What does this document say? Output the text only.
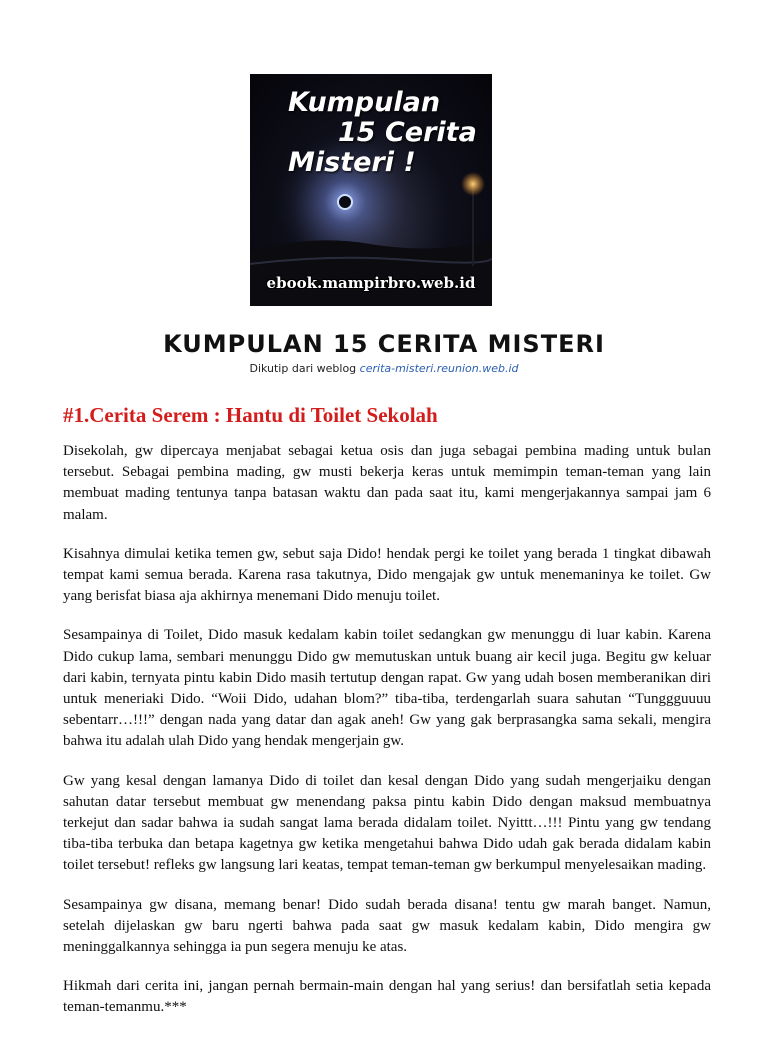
Kumpulan
15 Cerita
Misteri !
ebook.mampirbro.web.id
KUMPULAN 15 CERITA MISTERI
Dikutip dari weblog cerita-misteri.reunion.web.id
#1.Cerita Serem : Hantu di Toilet Sekolah

Disekolah, gw dipercaya menjabat sebagai ketua osis dan juga sebagai pembina mading untuk bulan tersebut. Sebagai pembina mading, gw musti bekerja keras untuk memimpin teman-teman yang lain membuat mading tentunya tanpa batasan waktu dan pada saat itu, kami mengerjakannya sampai jam 6 malam.

Kisahnya dimulai ketika temen gw, sebut saja Dido! hendak pergi ke toilet yang berada 1 tingkat dibawah tempat kami semua berada. Karena rasa takutnya, Dido mengajak gw untuk menemaninya ke toilet. Gw yang berisfat biasa aja akhirnya menemani Dido menuju toilet.

Sesampainya di Toilet, Dido masuk kedalam kabin toilet sedangkan gw menunggu di luar kabin. Karena Dido cukup lama, sembari menunggu Dido gw memutuskan untuk buang air kecil juga. Begitu gw keluar dari kabin, ternyata pintu kabin Dido masih tertutup dengan rapat. Gw yang udah bosen memberanikan diri untuk meneriaki Dido. “Woii Dido, udahan blom?” tiba-tiba, terdengarlah suara sahutan “Tunggguuuu sebentarr…!!!” dengan nada yang datar dan agak aneh! Gw yang gak berprasangka sama sekali, mengira bahwa itu adalah ulah Dido yang hendak mengerjain gw.

Gw yang kesal dengan lamanya Dido di toilet dan kesal dengan Dido yang sudah mengerjaiku dengan sahutan datar tersebut membuat gw menendang paksa pintu kabin Dido dengan maksud membuatnya terkejut dan sadar bahwa ia sudah sangat lama berada didalam toilet. Nyittt…!!! Pintu yang gw tendang tiba-tiba terbuka dan betapa kagetnya gw ketika mengetahui bahwa Dido udah gak berada didalam kabin toilet tersebut! refleks gw langsung lari keatas, tempat teman-teman gw berkumpul menyelesaikan mading.

Sesampainya gw disana, memang benar! Dido sudah berada disana! tentu gw marah banget. Namun, setelah dijelaskan gw baru ngerti bahwa pada saat gw masuk kedalam kabin, Dido mengira gw meninggalkannya sehingga ia pun segera menuju ke atas.

Hikmah dari cerita ini, jangan pernah bermain-main dengan hal yang serius! dan bersifatlah setia kepada teman-temanmu.***
